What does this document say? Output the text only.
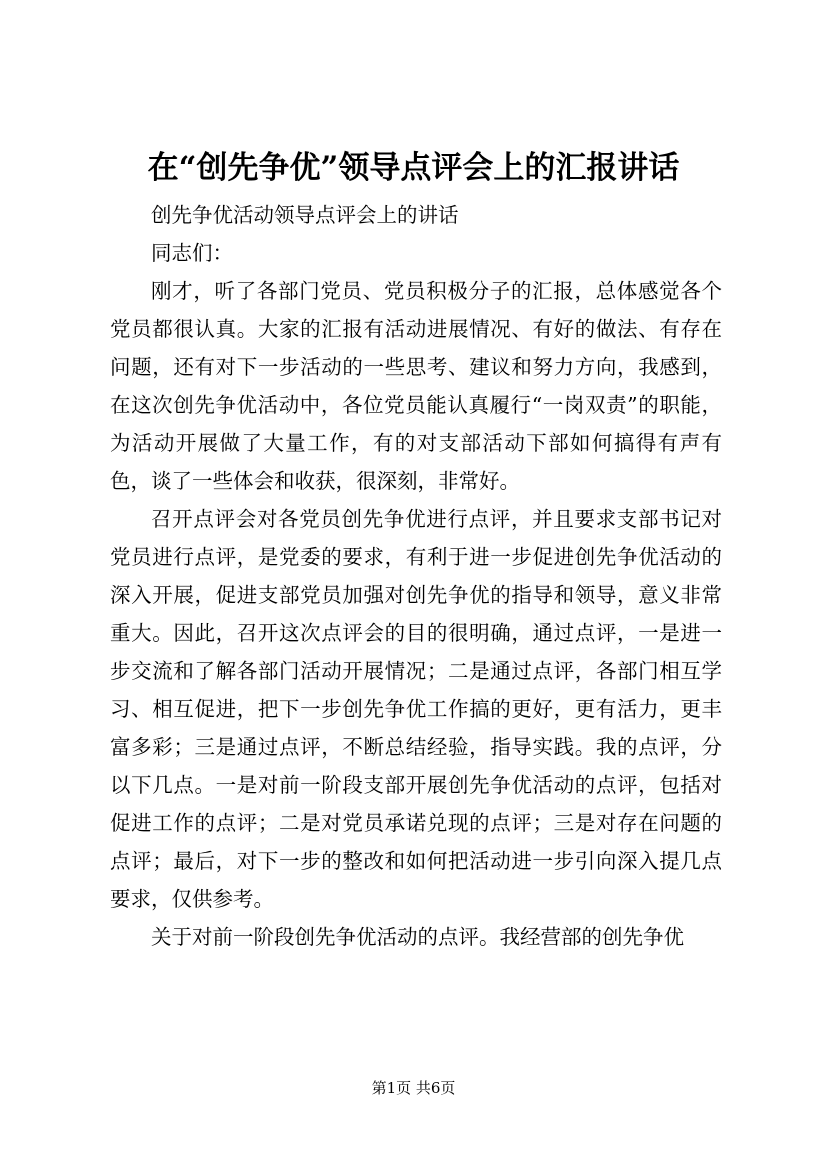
在“创先争优”领导点评会上的汇报讲话

创先争优活动领导点评会上的讲话

同志们：

刚才，听了各部门党员、党员积极分子的汇报，总体感觉各个党员都很认真。大家的汇报有活动进展情况、有好的做法、有存在问题，还有对下一步活动的一些思考、建议和努力方向，我感到，在这次创先争优活动中，各位党员能认真履行“一岗双责”的职能，为活动开展做了大量工作，有的对支部活动下部如何搞得有声有色，谈了一些体会和收获，很深刻，非常好。

召开点评会对各党员创先争优进行点评，并且要求支部书记对党员进行点评，是党委的要求，有利于进一步促进创先争优活动的深入开展，促进支部党员加强对创先争优的指导和领导，意义非常重大。因此，召开这次点评会的目的很明确，通过点评，一是进一步交流和了解各部门活动开展情况；二是通过点评，各部门相互学习、相互促进，把下一步创先争优工作搞的更好，更有活力，更丰富多彩；三是通过点评，不断总结经验，指导实践。我的点评，分以下几点。一是对前一阶段支部开展创先争优活动的点评，包括对促进工作的点评；二是对党员承诺兑现的点评；三是对存在问题的点评；最后，对下一步的整改和如何把活动进一步引向深入提几点要求，仅供参考。

关于对前一阶段创先争优活动的点评。我经营部的创先争优

第1页 共6页
